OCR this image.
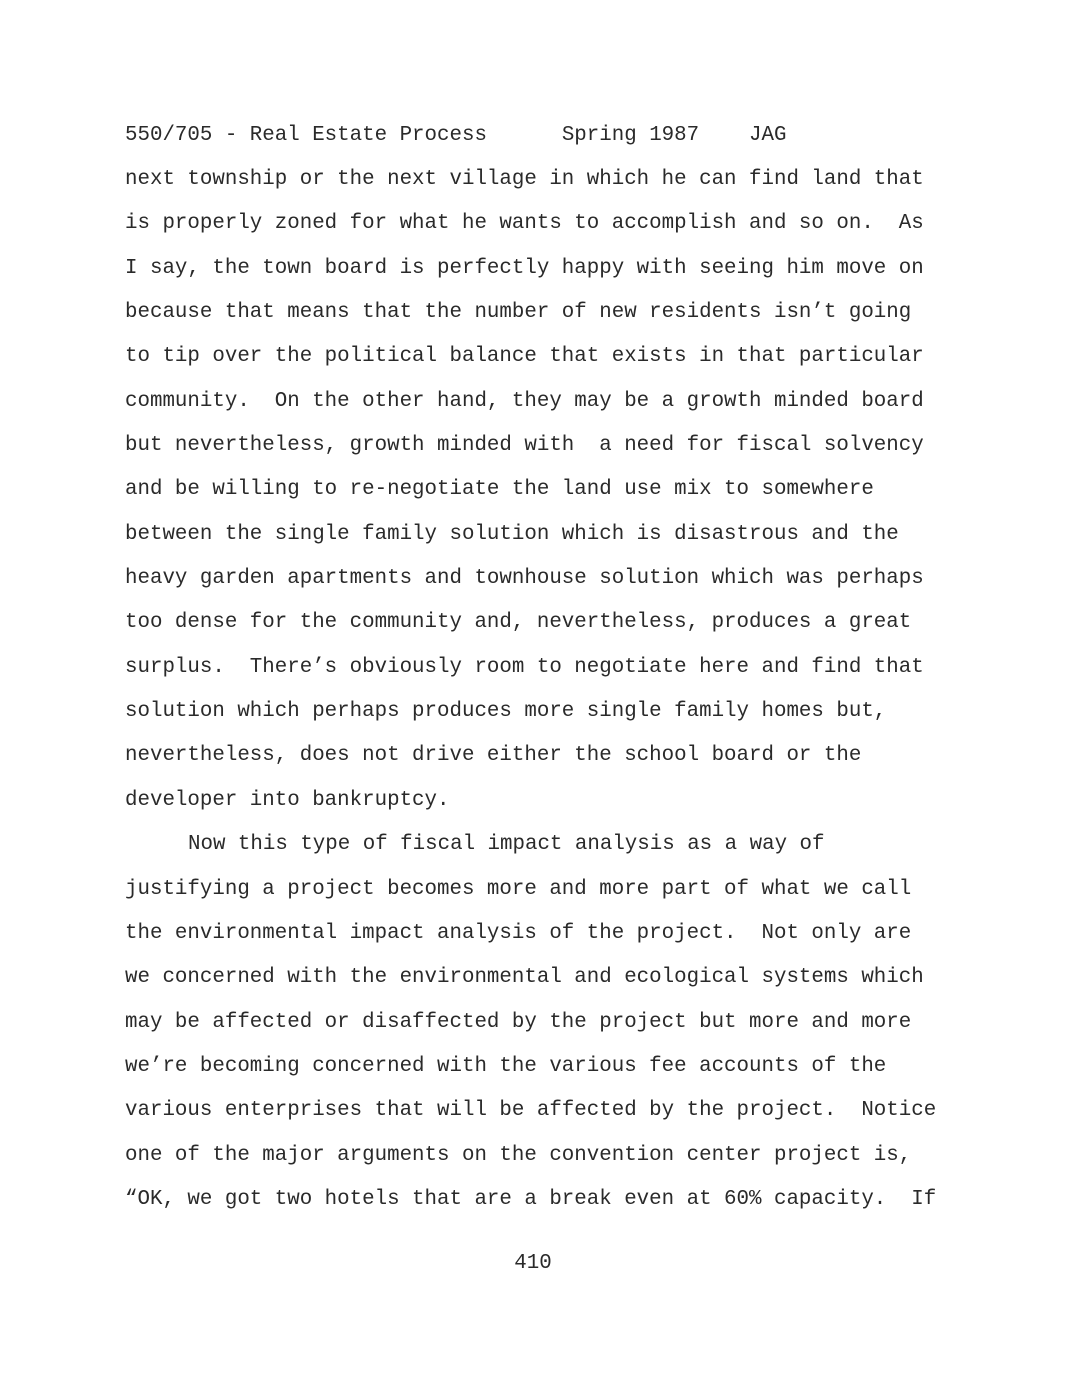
550/705 - Real Estate Process	Spring 1987 JAG
next township or the next village in which he can find land that
is properly zoned for what he wants to accomplish and so on.  As
I say, the town board is perfectly happy with seeing him move on
because that means that the number of new residents isn’t going
to tip over the political balance that exists in that particular
community.  On the other hand, they may be a growth minded board
but nevertheless, growth minded with  a need for fiscal solvency
and be willing to re-negotiate the land use mix to somewhere
between the single family solution which is disastrous and the
heavy garden apartments and townhouse solution which was perhaps
too dense for the community and, nevertheless, produces a great
surplus.  There’s obviously room to negotiate here and find that
solution which perhaps produces more single family homes but,
nevertheless, does not drive either the school board or the
developer into bankruptcy.
Now this type of fiscal impact analysis as a way of
justifying a project becomes more and more part of what we call
the environmental impact analysis of the project.  Not only are
we concerned with the environmental and ecological systems which
may be affected or disaffected by the project but more and more
we’re becoming concerned with the various fee accounts of the
various enterprises that will be affected by the project.  Notice
one of the major arguments on the convention center project is,
“OK, we got two hotels that are a break even at 60% capacity.  If
410
